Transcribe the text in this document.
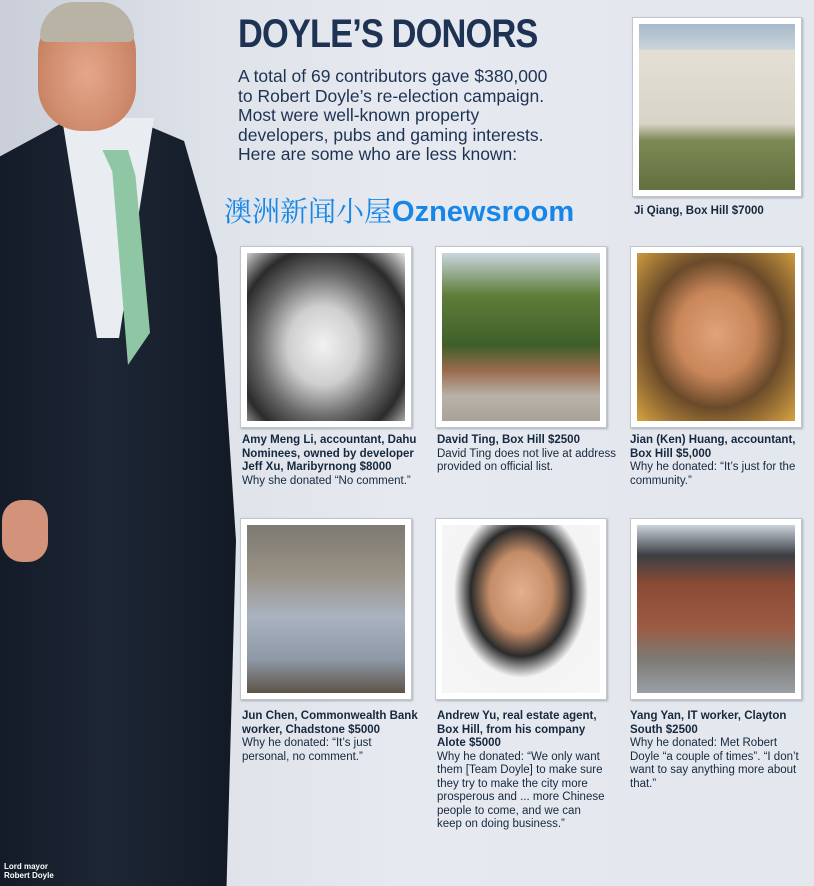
Lord mayor
Robert Doyle
DOYLE’S DONORS
A total of 69 contributors gave $380,000
to Robert Doyle’s re-election campaign.
Most were well-known property
developers, pubs and gaming interests.
Here are some who are less known:
澳洲新闻小屋Oznewsroom	Ji Qiang, Box Hill $7000
Amy Meng Li, accountant, Dahu Nominees, owned by developer Jeff Xu, Maribyrnong $8000
Why she donated “No comment.”
David Ting, Box Hill $2500
David Ting does not live at address provided on official list.
Jian (Ken) Huang, accountant, Box Hill $5,000
Why he donated: “It’s just for the community.”
Jun Chen, Commonwealth Bank worker, Chadstone $5000
Why he donated: “It’s just personal, no comment.”
Andrew Yu, real estate agent, Box Hill, from his company Alote $5000
Why he donated: “We only want them [Team Doyle] to make sure they try to make the city more prosperous and ... more Chinese people to come, and we can keep on doing business.”
Yang Yan, IT worker, Clayton South $2500
Why he donated: Met Robert Doyle “a couple of times”. “I don’t want to say anything more about that.”
